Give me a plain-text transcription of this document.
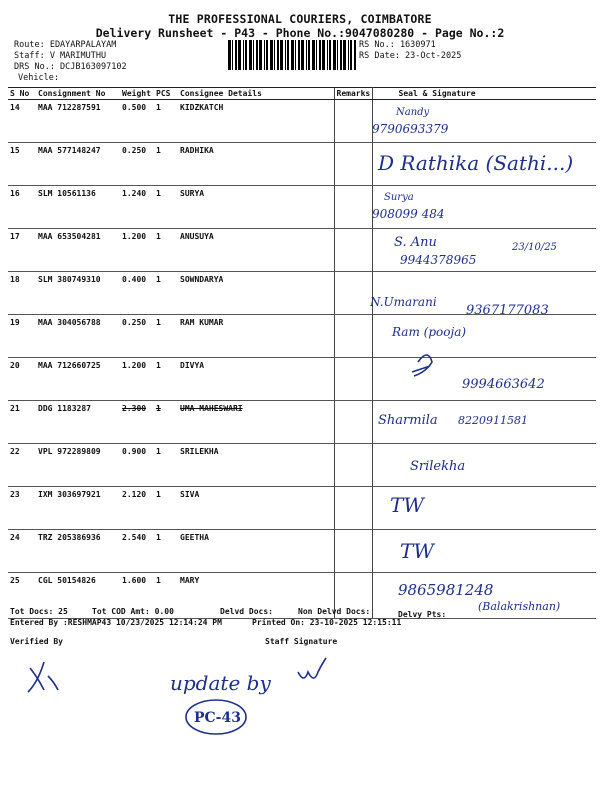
THE PROFESSIONAL COURIERS, COIMBATORE
Delivery Runsheet - P43 - Phone No.:9047080280 - Page No.:2
Route: EDAYARPALAYAM
Staff: V MARIMUTHU
DRS No.: DCJB163097102
Vehicle:
RS No.: 1630971
RS Date: 23-Oct-2025
S No	Consignment No	Weight	PCS	Consignee Details	Remarks	Seal & Signature
14	MAA 712287591	0.500	1	KIDZKATCH		
15	MAA 577148247	0.250	1	RADHIKA		
16	SLM 10561136	1.240	1	SURYA		
17	MAA 653504281	1.200	1	ANUSUYA		
18	SLM 380749310	0.400	1	SOWNDARYA		
19	MAA 304056788	0.250	1	RAM KUMAR		
20	MAA 712660725	1.200	1	DIVYA		
21	DDG 1183287	2.300	1	UMA MAHESWARI		
22	VPL 972289809	0.900	1	SRILEKHA		
23	IXM 303697921	2.120	1	SIVA		
24	TRZ 205386936	2.540	1	GEETHA		
25	CGL 50154826	1.600	1	MARY		
Tot Docs: 25	Tot COD Amt: 0.00	Delvd Docs:	Non Delvd Docs:	Delvy Pts:
Entered By :RESHMAP43 10/23/2025 12:14:24 PM	Printed On: 23-10-2025 12:15:11
Verified By	Staff Signature
Nandy
9790693379
D Rathika (Sathi...)
Surya
908099 484
S. Anu	23/10/25
9944378965
N.Umarani
9367177083
Ram (pooja)
9994663642
Sharmila 8220911581
Srilekha
TW
TW
9865981248
(Balakrishnan)
update by
PC-43
